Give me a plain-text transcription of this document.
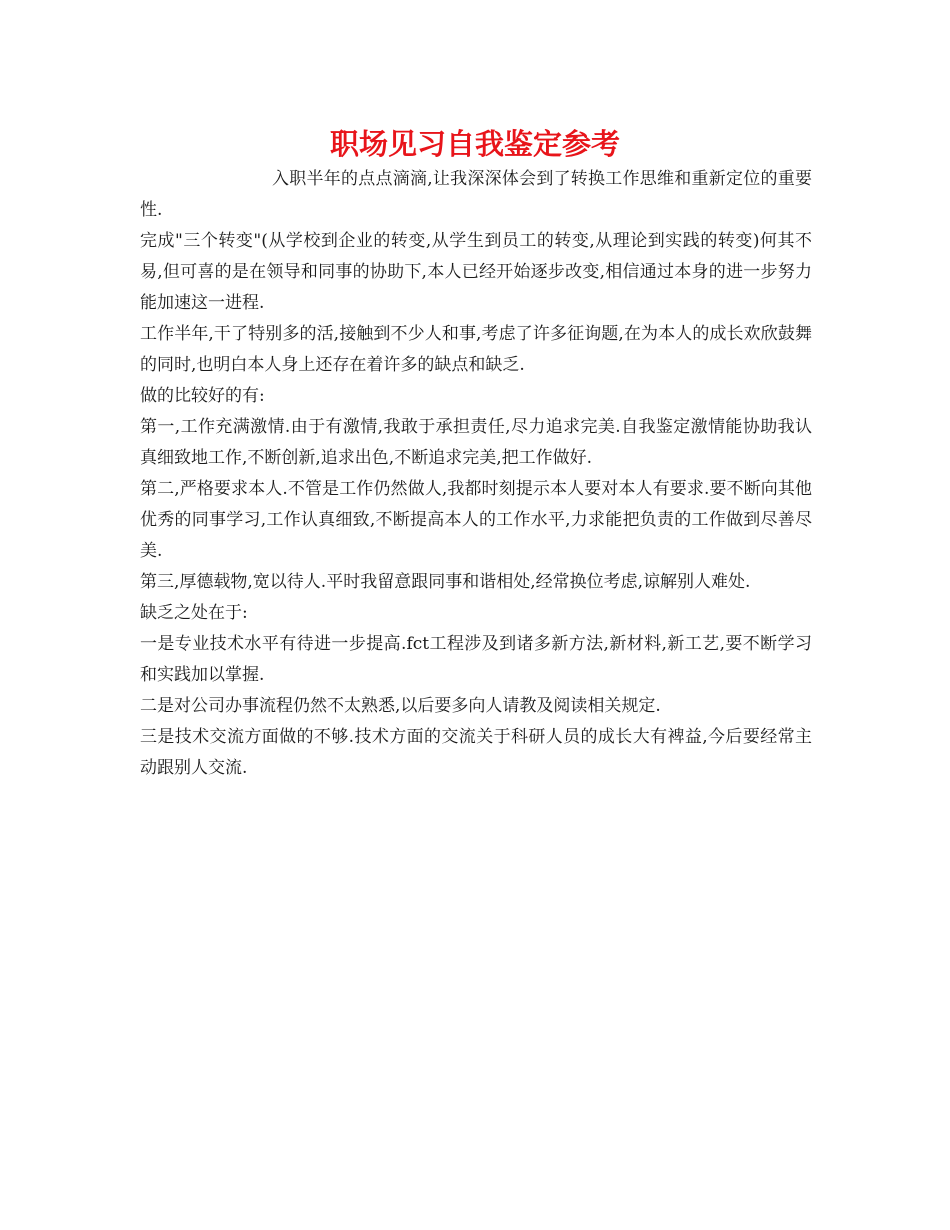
职场见习自我鉴定参考

入职半年的点点滴滴,让我深深体会到了转换工作思维和重新定位的重要性.

完成"三个转变"(从学校到企业的转变,从学生到员工的转变,从理论到实践的转变)何其不易,但可喜的是在领导和同事的协助下,本人已经开始逐步改变,相信通过本身的进一步努力能加速这一进程.

工作半年,干了特别多的活,接触到不少人和事,考虑了许多征询题,在为本人的成长欢欣鼓舞的同时,也明白本人身上还存在着许多的缺点和缺乏.

做的比较好的有:

第一,工作充满激情.由于有激情,我敢于承担责任,尽力追求完美.自我鉴定激情能协助我认真细致地工作,不断创新,追求出色,不断追求完美,把工作做好.

第二,严格要求本人.不管是工作仍然做人,我都时刻提示本人要对本人有要求.要不断向其他优秀的同事学习,工作认真细致,不断提高本人的工作水平,力求能把负责的工作做到尽善尽美.

第三,厚德载物,宽以待人.平时我留意跟同事和谐相处,经常换位考虑,谅解别人难处.

缺乏之处在于:

一是专业技术水平有待进一步提高.fct工程涉及到诸多新方法,新材料,新工艺,要不断学习和实践加以掌握.

二是对公司办事流程仍然不太熟悉,以后要多向人请教及阅读相关规定.

三是技术交流方面做的不够.技术方面的交流关于科研人员的成长大有裨益,今后要经常主动跟别人交流.
